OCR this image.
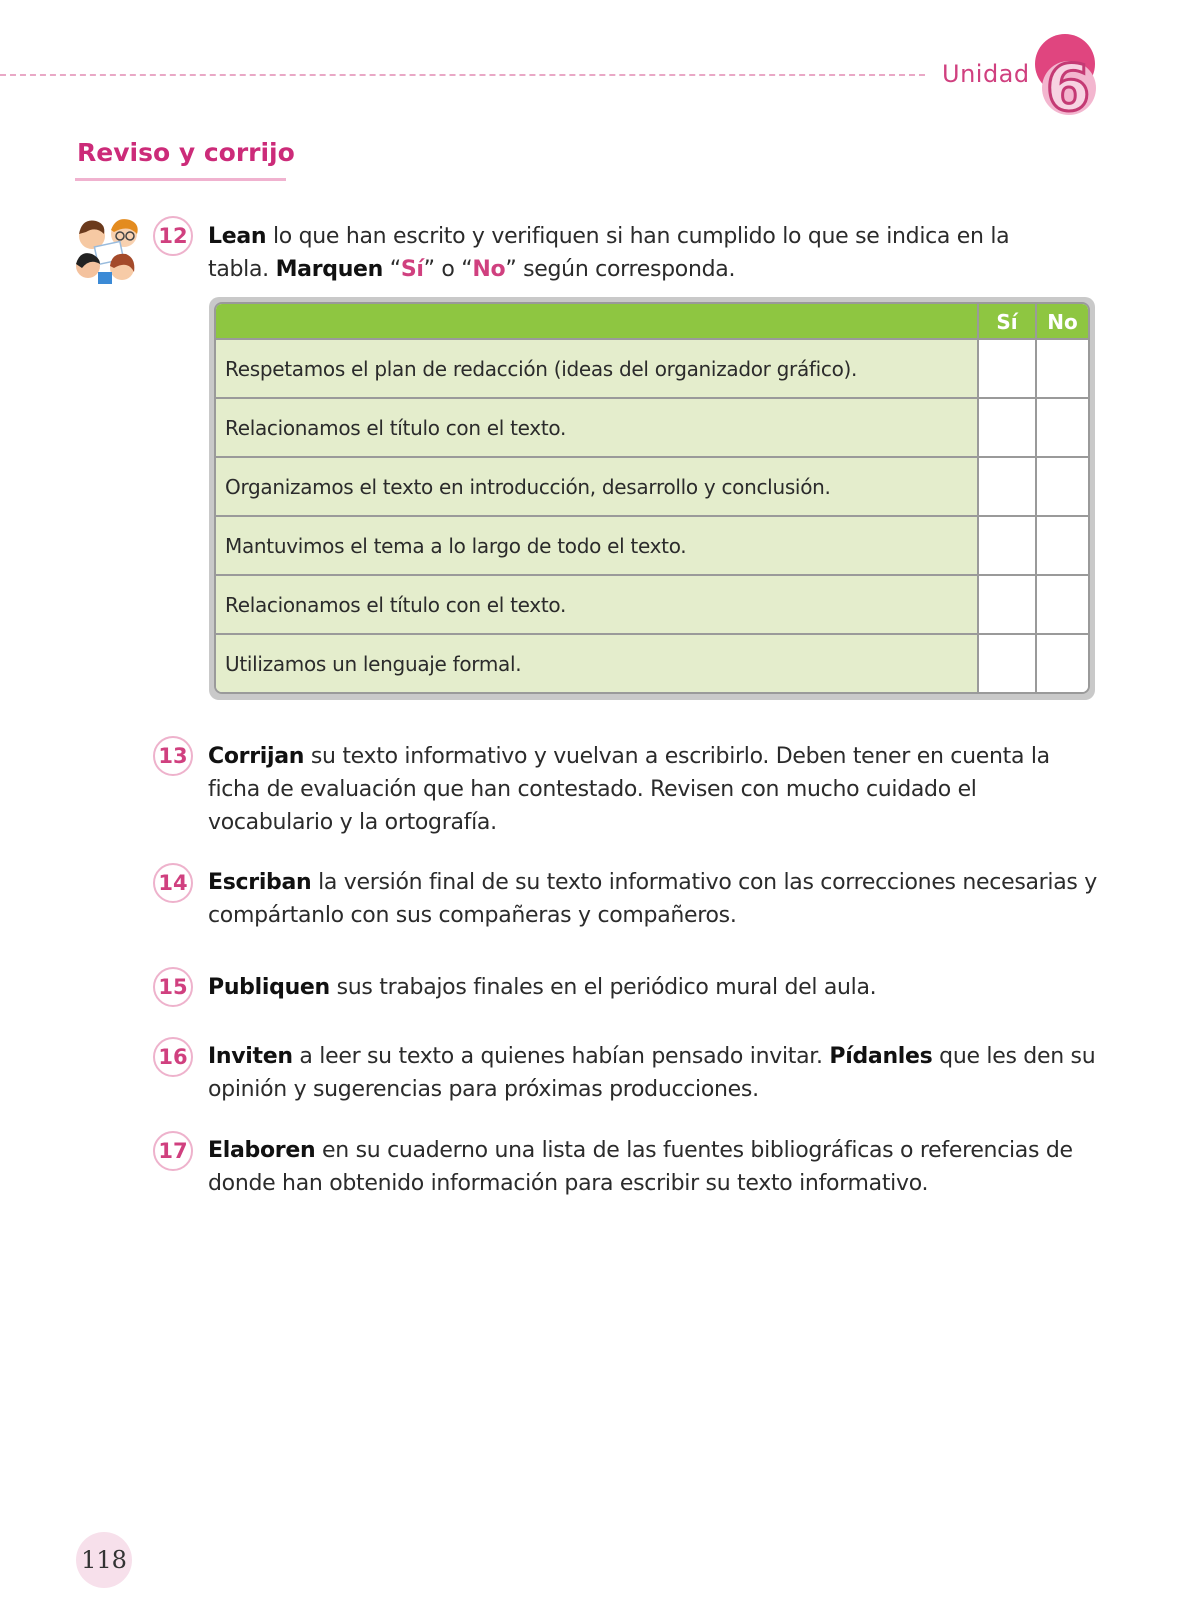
Unidad 6
Reviso y corrijo
12 Lean lo que han escrito y verifiquen si han cumplido lo que se indica en la tabla. Marquen “Sí” o “No” según corresponda.
Sí	No
Respetamos el plan de redacción (ideas del organizador gráfico).
Relacionamos el título con el texto.
Organizamos el texto en introducción, desarrollo y conclusión.
Mantuvimos el tema a lo largo de todo el texto.
Relacionamos el título con el texto.
Utilizamos un lenguaje formal.
13 Corrijan su texto informativo y vuelvan a escribirlo. Deben tener en cuenta la ficha de evaluación que han contestado. Revisen con mucho cuidado el vocabulario y la ortografía.
14 Escriban la versión final de su texto informativo con las correcciones necesarias y compártanlo con sus compañeras y compañeros.
15 Publiquen sus trabajos finales en el periódico mural del aula.
16 Inviten a leer su texto a quienes habían pensado invitar. Pídanles que les den su opinión y sugerencias para próximas producciones.
17 Elaboren en su cuaderno una lista de las fuentes bibliográficas o referencias de donde han obtenido información para escribir su texto informativo.
118
